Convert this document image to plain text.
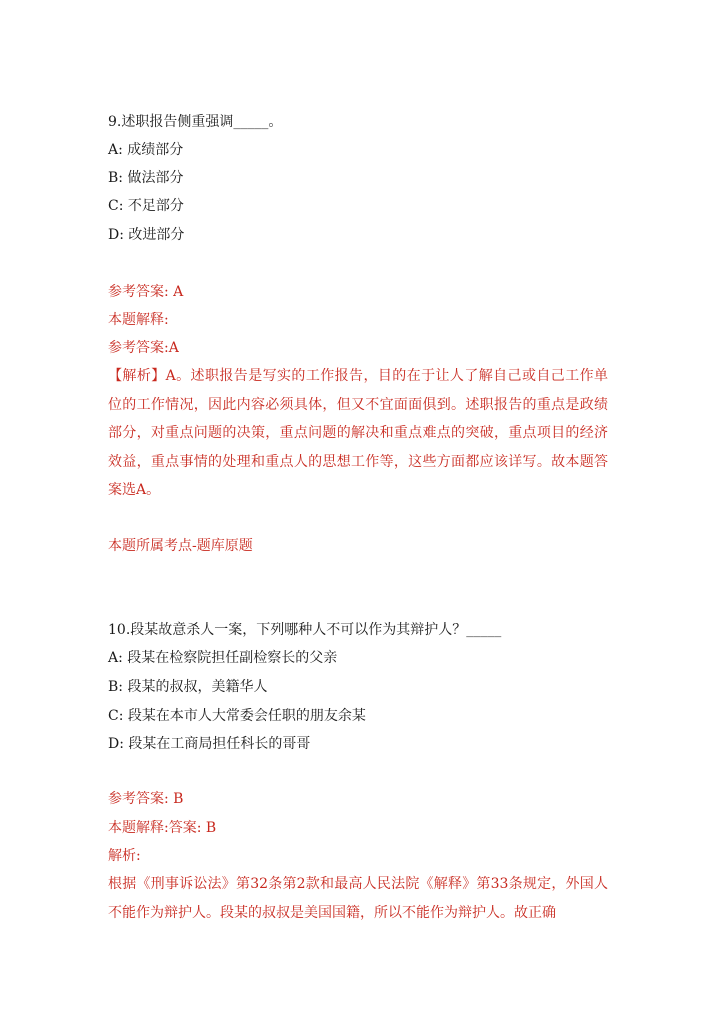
9.述职报告侧重强调_____。
A: 成绩部分
B: 做法部分
C: 不足部分
D: 改进部分
参考答案: A
本题解释:
参考答案:A
【解析】A。述职报告是写实的工作报告，目的在于让人了解自己或自己工作单位的工作情况，因此内容必须具体，但又不宜面面俱到。述职报告的重点是政绩部分，对重点问题的决策，重点问题的解决和重点难点的突破，重点项目的经济效益，重点事情的处理和重点人的思想工作等，这些方面都应该详写。故本题答案选A。
本题所属考点-题库原题
10.段某故意杀人一案，下列哪种人不可以作为其辩护人？_____
A: 段某在检察院担任副检察长的父亲
B: 段某的叔叔，美籍华人
C: 段某在本市人大常委会任职的朋友余某
D: 段某在工商局担任科长的哥哥
参考答案: B
本题解释:答案: B
解析:
根据《刑事诉讼法》第32条第2款和最高人民法院《解释》第33条规定，外国人不能作为辩护人。段某的叔叔是美国国籍，所以不能作为辩护人。故正确
